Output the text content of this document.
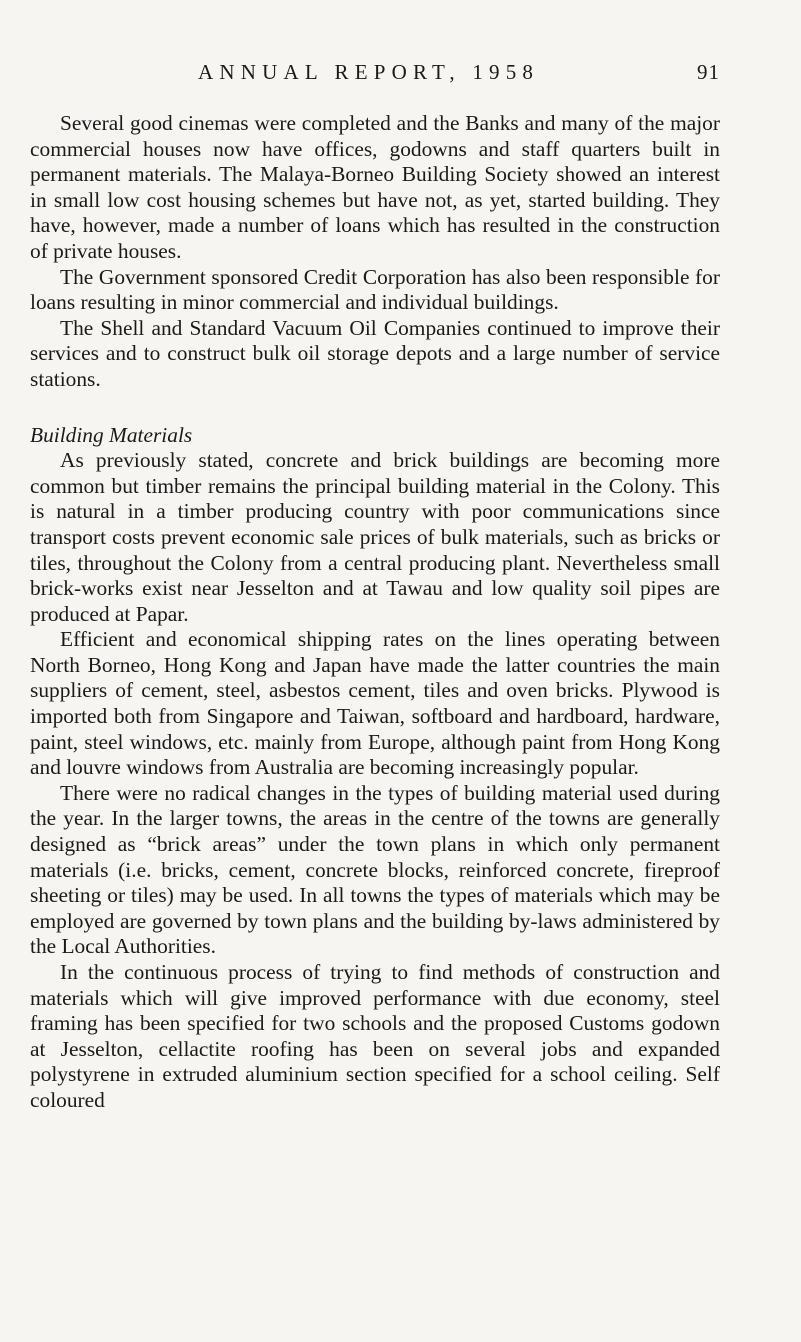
ANNUAL REPORT, 1958	91

Several good cinemas were completed and the Banks and many of the major commercial houses now have offices, godowns and staff quarters built in permanent materials. The Malaya-Borneo Building Society showed an interest in small low cost housing schemes but have not, as yet, started building. They have, however, made a number of loans which has resulted in the construction of private houses.

The Government sponsored Credit Corporation has also been responsible for loans resulting in minor commercial and individual buildings.

The Shell and Standard Vacuum Oil Companies continued to improve their services and to construct bulk oil storage depots and a large number of service stations.

Building Materials

As previously stated, concrete and brick buildings are becoming more common but timber remains the principal building material in the Colony. This is natural in a timber producing country with poor communications since transport costs prevent economic sale prices of bulk materials, such as bricks or tiles, throughout the Colony from a central producing plant. Nevertheless small brick-works exist near Jesselton and at Tawau and low quality soil pipes are produced at Papar.

Efficient and economical shipping rates on the lines operating between North Borneo, Hong Kong and Japan have made the latter countries the main suppliers of cement, steel, asbestos cement, tiles and oven bricks. Plywood is imported both from Singapore and Taiwan, softboard and hardboard, hardware, paint, steel windows, etc. mainly from Europe, although paint from Hong Kong and louvre windows from Australia are becoming increasingly popular.

There were no radical changes in the types of building material used during the year. In the larger towns, the areas in the centre of the towns are generally designed as “brick areas” under the town plans in which only permanent materials (i.e. bricks, cement, concrete blocks, reinforced concrete, fireproof sheeting or tiles) may be used. In all towns the types of materials which may be employed are governed by town plans and the building by-laws administered by the Local Authorities.

In the continuous process of trying to find methods of construction and materials which will give improved performance with due economy, steel framing has been specified for two schools and the proposed Customs godown at Jesselton, cellactite roofing has been on several jobs and expanded polystyrene in extruded aluminium section specified for a school ceiling. Self coloured
